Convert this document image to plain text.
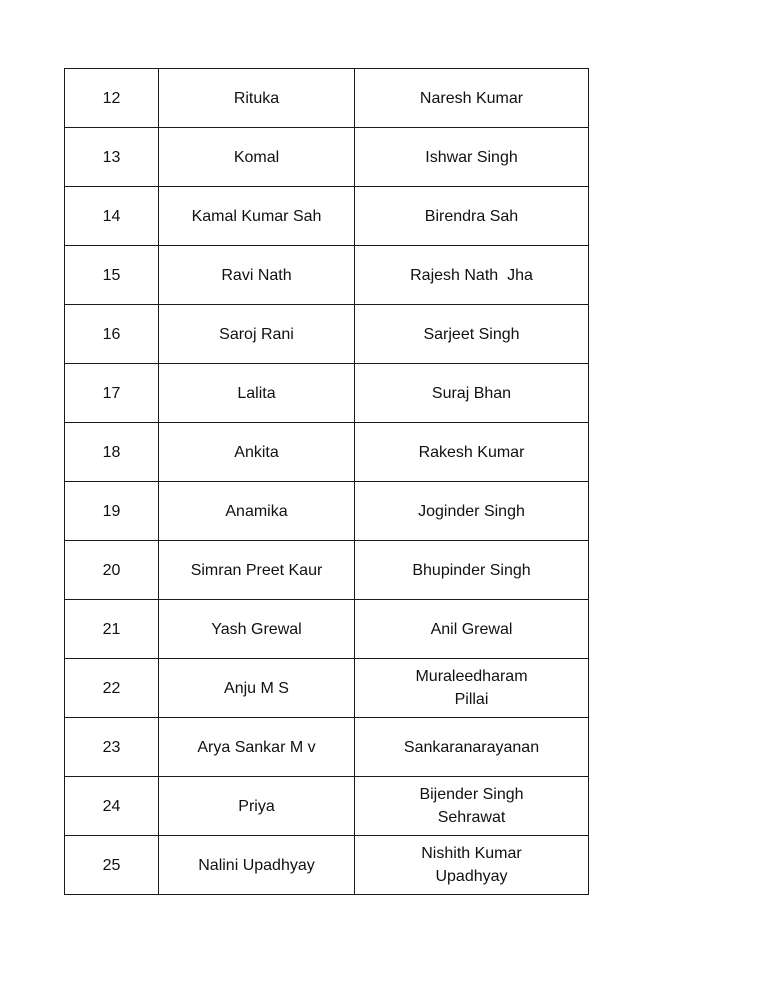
12	Rituka	Naresh Kumar
13	Komal	Ishwar Singh
14	Kamal Kumar Sah	Birendra Sah
15	Ravi Nath	Rajesh Nath  Jha
16	Saroj Rani	Sarjeet Singh
17	Lalita	Suraj Bhan
18	Ankita	Rakesh Kumar
19	Anamika	Joginder Singh
20	Simran Preet Kaur	Bhupinder Singh
21	Yash Grewal	Anil Grewal
22	Anju M S	Muraleedharam Pillai
23	Arya Sankar M v	Sankaranarayanan
24	Priya	Bijender Singh Sehrawat
25	Nalini Upadhyay	Nishith Kumar Upadhyay
